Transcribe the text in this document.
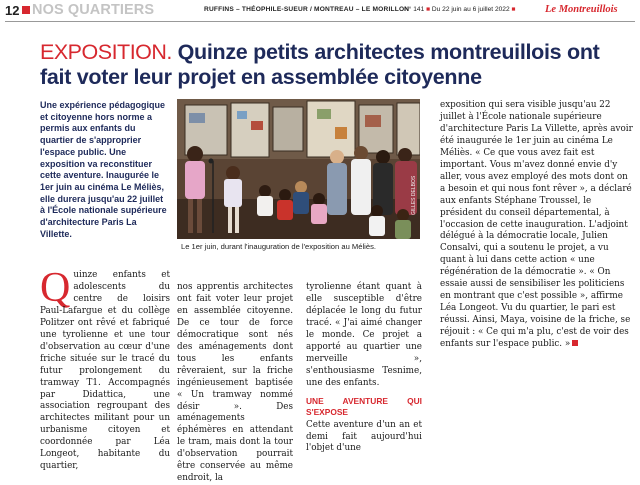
12 NOS QUARTIERS	RUFFINS – THÉOPHILE-SUEUR / MONTREAU – LE MORILLON
N° 141 ■ Du 22 juin au 6 juillet 2022 ■	Le Montreuillois
EXPOSITION. Quinze petits architectes montreuillois ont fait voter leur projet en assemblée citoyenne

Une expérience pédagogique et citoyenne hors norme a permis aux enfants du quartier de s'approprier l'espace public. Une exposition va reconstituer cette aventure. Inaugurée le 1er juin au cinéma Le Méliès, elle durera jusqu'au 22 juillet à l'École nationale supérieure d'architecture Paris La Villette.

GILLES DELBOS
Le 1er juin, durant l'inauguration de l'exposition au Méliès.

Quinze enfants et adolescents du centre de loisirs Paul-Lafargue et du collège Politzer ont rêvé et fabriqué une tyrolienne et une tour d'observation au cœur d'une friche située sur le tracé du futur prolongement du tramway T1. Accompagnés par Didattica, une association regroupant des architectes militant pour un urbanisme citoyen et coordonnée par Léa Longeot, habitante du quartier,

nos apprentis architectes ont fait voter leur projet en assemblée citoyenne. De ce tour de force démocratique sont nés des aménagements dont tous les enfants rêveraient, sur la friche ingénieusement baptisée « Un tramway nommé désir ». Des aménagements éphémères en attendant le tram, mais dont la tour d'observation pourrait être conservée au même endroit, la

tyrolienne étant quant à elle susceptible d'être déplacée le long du futur tracé. « J'ai aimé changer le monde. Ce projet a apporté au quartier une merveille », s'enthousiasme Tesnime, une des enfants.

UNE AVENTURE QUI S'EXPOSE

Cette aventure d'un an et demi fait aujourd'hui l'objet d'une

exposition qui sera visible jusqu'au 22 juillet à l'École nationale supérieure d'architecture Paris La Villette, après avoir été inaugurée le 1er juin au cinéma Le Méliès. « Ce que vous avez fait est important. Vous m'avez donné envie d'y aller, vous avez employé des mots dont on a besoin et qui nous font rêver », a déclaré aux enfants Stéphane Troussel, le président du conseil départemental, à l'occasion de cette inauguration. L'adjoint délégué à la démocratie locale, Julien Consalvi, qui a soutenu le projet, a vu quant à lui dans cette action « une régénération de la démocratie ». « On essaie aussi de sensibiliser les politiciens en montrant que c'est possible », affirme Léa Longeot. Vu du quartier, le pari est réussi. Ainsi, Maya, voisine de la friche, se réjouit : « Ce qui m'a plu, c'est de voir des enfants sur l'espace public. »
